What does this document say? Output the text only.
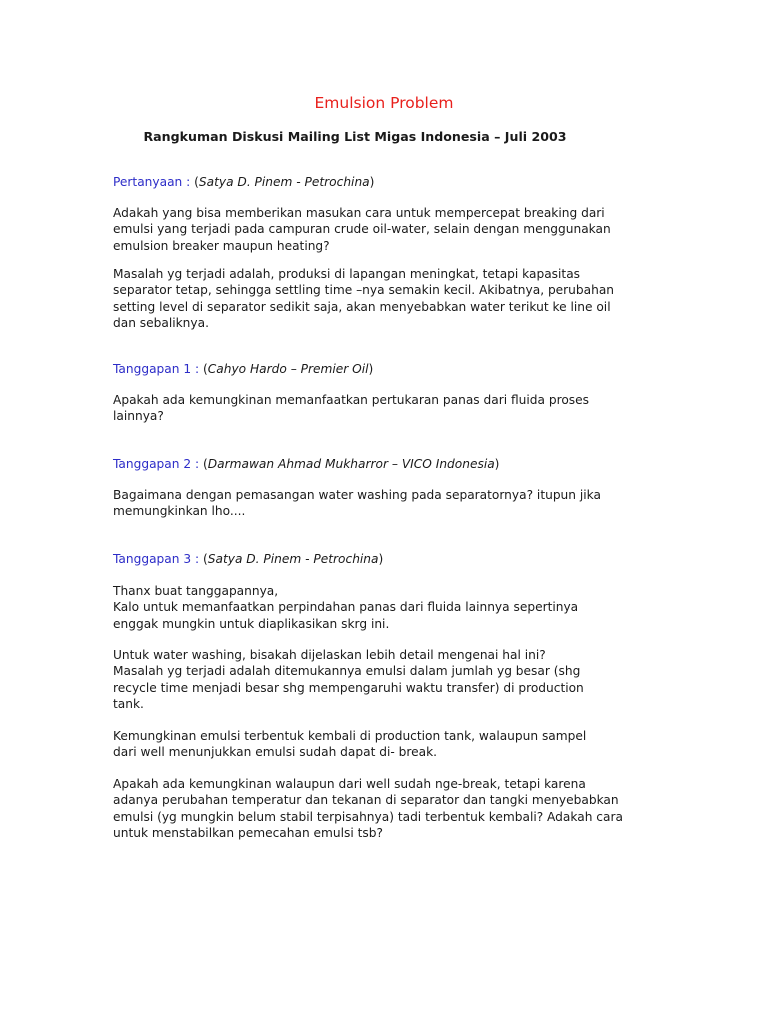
Emulsion Problem
Rangkuman Diskusi Mailing List Migas Indonesia – Juli 2003

Pertanyaan : (Satya D. Pinem - Petrochina)

Adakah yang bisa memberikan masukan cara untuk mempercepat breaking dari

emulsi yang terjadi pada campuran crude oil-water, selain dengan menggunakan

emulsion breaker maupun heating?

Masalah yg terjadi adalah, produksi di lapangan meningkat, tetapi kapasitas

separator tetap, sehingga settling time –nya semakin kecil. Akibatnya, perubahan

setting level di separator sedikit saja, akan menyebabkan water terikut ke line oil

dan sebaliknya.

Tanggapan 1 : (Cahyo Hardo – Premier Oil)

Apakah ada kemungkinan memanfaatkan pertukaran panas dari fluida proses

lainnya?

Tanggapan 2 : (Darmawan Ahmad Mukharror – VICO Indonesia)

Bagaimana dengan pemasangan water washing pada separatornya? itupun jika

memungkinkan lho....

Tanggapan 3 : (Satya D. Pinem - Petrochina)

Thanx buat tanggapannya,

Kalo untuk memanfaatkan perpindahan panas dari fluida lainnya sepertinya

enggak mungkin untuk diaplikasikan skrg ini.

Untuk water washing, bisakah dijelaskan lebih detail mengenai hal ini?

Masalah yg terjadi adalah ditemukannya emulsi dalam jumlah yg besar (shg

recycle time menjadi besar shg mempengaruhi waktu transfer) di production

tank.

Kemungkinan emulsi terbentuk kembali di production tank, walaupun sampel

dari well menunjukkan emulsi sudah dapat di- break.

Apakah ada kemungkinan walaupun dari well sudah nge-break, tetapi karena

adanya perubahan temperatur dan tekanan di separator dan tangki menyebabkan

emulsi (yg mungkin belum stabil terpisahnya) tadi terbentuk kembali? Adakah cara

untuk menstabilkan pemecahan emulsi tsb?
